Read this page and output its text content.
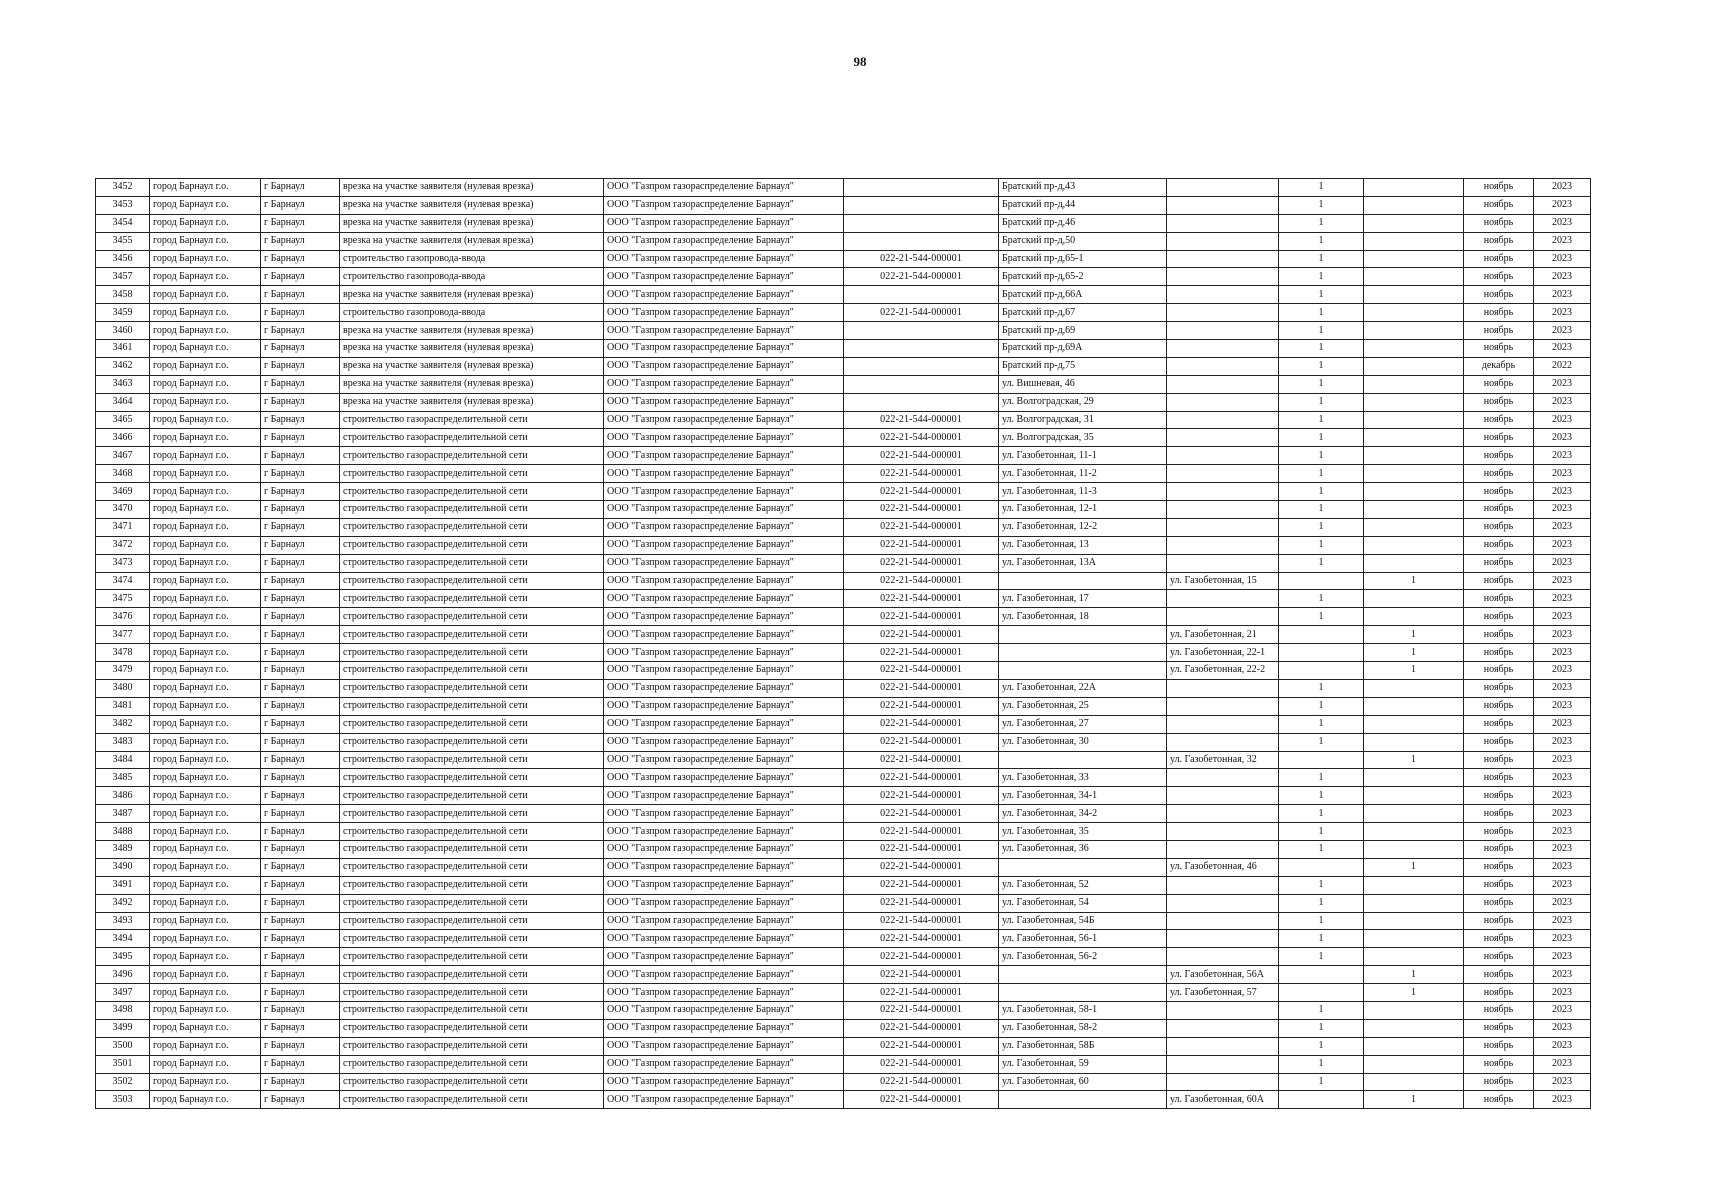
98
3452	город Барнаул г.о.	г Барнаул	врезка на участке заявителя (нулевая врезка)	ООО "Газпром газораспределение Барнаул"		Братский пр-д,43		1		ноябрь	2023
3453	город Барнаул г.о.	г Барнаул	врезка на участке заявителя (нулевая врезка)	ООО "Газпром газораспределение Барнаул"		Братский пр-д,44		1		ноябрь	2023
3454	город Барнаул г.о.	г Барнаул	врезка на участке заявителя (нулевая врезка)	ООО "Газпром газораспределение Барнаул"		Братский пр-д,46		1		ноябрь	2023
3455	город Барнаул г.о.	г Барнаул	врезка на участке заявителя (нулевая врезка)	ООО "Газпром газораспределение Барнаул"		Братский пр-д,50		1		ноябрь	2023
3456	город Барнаул г.о.	г Барнаул	строительство газопровода-ввода	ООО "Газпром газораспределение Барнаул"	022-21-544-000001	Братский пр-д,65-1		1		ноябрь	2023
3457	город Барнаул г.о.	г Барнаул	строительство газопровода-ввода	ООО "Газпром газораспределение Барнаул"	022-21-544-000001	Братский пр-д,65-2		1		ноябрь	2023
3458	город Барнаул г.о.	г Барнаул	врезка на участке заявителя (нулевая врезка)	ООО "Газпром газораспределение Барнаул"		Братский пр-д,66А		1		ноябрь	2023
3459	город Барнаул г.о.	г Барнаул	строительство газопровода-ввода	ООО "Газпром газораспределение Барнаул"	022-21-544-000001	Братский пр-д,67		1		ноябрь	2023
3460	город Барнаул г.о.	г Барнаул	врезка на участке заявителя (нулевая врезка)	ООО "Газпром газораспределение Барнаул"		Братский пр-д,69		1		ноябрь	2023
3461	город Барнаул г.о.	г Барнаул	врезка на участке заявителя (нулевая врезка)	ООО "Газпром газораспределение Барнаул"		Братский пр-д,69А		1		ноябрь	2023
3462	город Барнаул г.о.	г Барнаул	врезка на участке заявителя (нулевая врезка)	ООО "Газпром газораспределение Барнаул"		Братский пр-д,75		1		декабрь	2022
3463	город Барнаул г.о.	г Барнаул	врезка на участке заявителя (нулевая врезка)	ООО "Газпром газораспределение Барнаул"		ул. Вишневая, 46		1		ноябрь	2023
3464	город Барнаул г.о.	г Барнаул	врезка на участке заявителя (нулевая врезка)	ООО "Газпром газораспределение Барнаул"		ул. Волгоградская, 29		1		ноябрь	2023
3465	город Барнаул г.о.	г Барнаул	строительство газораспределительной сети	ООО "Газпром газораспределение Барнаул"	022-21-544-000001	ул. Волгоградская, 31		1		ноябрь	2023
3466	город Барнаул г.о.	г Барнаул	строительство газораспределительной сети	ООО "Газпром газораспределение Барнаул"	022-21-544-000001	ул. Волгоградская, 35		1		ноябрь	2023
3467	город Барнаул г.о.	г Барнаул	строительство газораспределительной сети	ООО "Газпром газораспределение Барнаул"	022-21-544-000001	ул. Газобетонная, 11-1		1		ноябрь	2023
3468	город Барнаул г.о.	г Барнаул	строительство газораспределительной сети	ООО "Газпром газораспределение Барнаул"	022-21-544-000001	ул. Газобетонная, 11-2		1		ноябрь	2023
3469	город Барнаул г.о.	г Барнаул	строительство газораспределительной сети	ООО "Газпром газораспределение Барнаул"	022-21-544-000001	ул. Газобетонная, 11-3		1		ноябрь	2023
3470	город Барнаул г.о.	г Барнаул	строительство газораспределительной сети	ООО "Газпром газораспределение Барнаул"	022-21-544-000001	ул. Газобетонная, 12-1		1		ноябрь	2023
3471	город Барнаул г.о.	г Барнаул	строительство газораспределительной сети	ООО "Газпром газораспределение Барнаул"	022-21-544-000001	ул. Газобетонная, 12-2		1		ноябрь	2023
3472	город Барнаул г.о.	г Барнаул	строительство газораспределительной сети	ООО "Газпром газораспределение Барнаул"	022-21-544-000001	ул. Газобетонная, 13		1		ноябрь	2023
3473	город Барнаул г.о.	г Барнаул	строительство газораспределительной сети	ООО "Газпром газораспределение Барнаул"	022-21-544-000001	ул. Газобетонная, 13А		1		ноябрь	2023
3474	город Барнаул г.о.	г Барнаул	строительство газораспределительной сети	ООО "Газпром газораспределение Барнаул"	022-21-544-000001		ул. Газобетонная, 15		1	ноябрь	2023
3475	город Барнаул г.о.	г Барнаул	строительство газораспределительной сети	ООО "Газпром газораспределение Барнаул"	022-21-544-000001	ул. Газобетонная, 17		1		ноябрь	2023
3476	город Барнаул г.о.	г Барнаул	строительство газораспределительной сети	ООО "Газпром газораспределение Барнаул"	022-21-544-000001	ул. Газобетонная, 18		1		ноябрь	2023
3477	город Барнаул г.о.	г Барнаул	строительство газораспределительной сети	ООО "Газпром газораспределение Барнаул"	022-21-544-000001		ул. Газобетонная, 21		1	ноябрь	2023
3478	город Барнаул г.о.	г Барнаул	строительство газораспределительной сети	ООО "Газпром газораспределение Барнаул"	022-21-544-000001		ул. Газобетонная, 22-1		1	ноябрь	2023
3479	город Барнаул г.о.	г Барнаул	строительство газораспределительной сети	ООО "Газпром газораспределение Барнаул"	022-21-544-000001		ул. Газобетонная, 22-2		1	ноябрь	2023
3480	город Барнаул г.о.	г Барнаул	строительство газораспределительной сети	ООО "Газпром газораспределение Барнаул"	022-21-544-000001	ул. Газобетонная, 22А		1		ноябрь	2023
3481	город Барнаул г.о.	г Барнаул	строительство газораспределительной сети	ООО "Газпром газораспределение Барнаул"	022-21-544-000001	ул. Газобетонная, 25		1		ноябрь	2023
3482	город Барнаул г.о.	г Барнаул	строительство газораспределительной сети	ООО "Газпром газораспределение Барнаул"	022-21-544-000001	ул. Газобетонная, 27		1		ноябрь	2023
3483	город Барнаул г.о.	г Барнаул	строительство газораспределительной сети	ООО "Газпром газораспределение Барнаул"	022-21-544-000001	ул. Газобетонная, 30		1		ноябрь	2023
3484	город Барнаул г.о.	г Барнаул	строительство газораспределительной сети	ООО "Газпром газораспределение Барнаул"	022-21-544-000001		ул. Газобетонная, 32		1	ноябрь	2023
3485	город Барнаул г.о.	г Барнаул	строительство газораспределительной сети	ООО "Газпром газораспределение Барнаул"	022-21-544-000001	ул. Газобетонная, 33		1		ноябрь	2023
3486	город Барнаул г.о.	г Барнаул	строительство газораспределительной сети	ООО "Газпром газораспределение Барнаул"	022-21-544-000001	ул. Газобетонная, 34-1		1		ноябрь	2023
3487	город Барнаул г.о.	г Барнаул	строительство газораспределительной сети	ООО "Газпром газораспределение Барнаул"	022-21-544-000001	ул. Газобетонная, 34-2		1		ноябрь	2023
3488	город Барнаул г.о.	г Барнаул	строительство газораспределительной сети	ООО "Газпром газораспределение Барнаул"	022-21-544-000001	ул. Газобетонная, 35		1		ноябрь	2023
3489	город Барнаул г.о.	г Барнаул	строительство газораспределительной сети	ООО "Газпром газораспределение Барнаул"	022-21-544-000001	ул. Газобетонная, 36		1		ноябрь	2023
3490	город Барнаул г.о.	г Барнаул	строительство газораспределительной сети	ООО "Газпром газораспределение Барнаул"	022-21-544-000001		ул. Газобетонная, 46		1	ноябрь	2023
3491	город Барнаул г.о.	г Барнаул	строительство газораспределительной сети	ООО "Газпром газораспределение Барнаул"	022-21-544-000001	ул. Газобетонная, 52		1		ноябрь	2023
3492	город Барнаул г.о.	г Барнаул	строительство газораспределительной сети	ООО "Газпром газораспределение Барнаул"	022-21-544-000001	ул. Газобетонная, 54		1		ноябрь	2023
3493	город Барнаул г.о.	г Барнаул	строительство газораспределительной сети	ООО "Газпром газораспределение Барнаул"	022-21-544-000001	ул. Газобетонная, 54Б		1		ноябрь	2023
3494	город Барнаул г.о.	г Барнаул	строительство газораспределительной сети	ООО "Газпром газораспределение Барнаул"	022-21-544-000001	ул. Газобетонная, 56-1		1		ноябрь	2023
3495	город Барнаул г.о.	г Барнаул	строительство газораспределительной сети	ООО "Газпром газораспределение Барнаул"	022-21-544-000001	ул. Газобетонная, 56-2		1		ноябрь	2023
3496	город Барнаул г.о.	г Барнаул	строительство газораспределительной сети	ООО "Газпром газораспределение Барнаул"	022-21-544-000001		ул. Газобетонная, 56А		1	ноябрь	2023
3497	город Барнаул г.о.	г Барнаул	строительство газораспределительной сети	ООО "Газпром газораспределение Барнаул"	022-21-544-000001		ул. Газобетонная, 57		1	ноябрь	2023
3498	город Барнаул г.о.	г Барнаул	строительство газораспределительной сети	ООО "Газпром газораспределение Барнаул"	022-21-544-000001	ул. Газобетонная, 58-1		1		ноябрь	2023
3499	город Барнаул г.о.	г Барнаул	строительство газораспределительной сети	ООО "Газпром газораспределение Барнаул"	022-21-544-000001	ул. Газобетонная, 58-2		1		ноябрь	2023
3500	город Барнаул г.о.	г Барнаул	строительство газораспределительной сети	ООО "Газпром газораспределение Барнаул"	022-21-544-000001	ул. Газобетонная, 58Б		1		ноябрь	2023
3501	город Барнаул г.о.	г Барнаул	строительство газораспределительной сети	ООО "Газпром газораспределение Барнаул"	022-21-544-000001	ул. Газобетонная, 59		1		ноябрь	2023
3502	город Барнаул г.о.	г Барнаул	строительство газораспределительной сети	ООО "Газпром газораспределение Барнаул"	022-21-544-000001	ул. Газобетонная, 60		1		ноябрь	2023
3503	город Барнаул г.о.	г Барнаул	строительство газораспределительной сети	ООО "Газпром газораспределение Барнаул"	022-21-544-000001		ул. Газобетонная, 60А		1	ноябрь	2023
